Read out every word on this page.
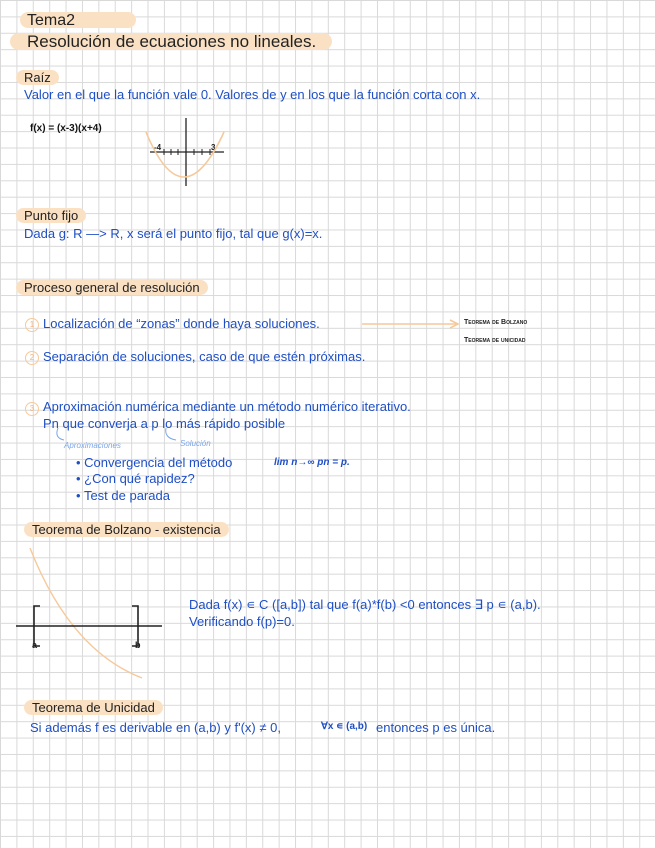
Tema2
Resolución de ecuaciones no lineales.
Raíz
Valor en el que la función vale 0. Valores de y en los que la función corta con x.
f(x) = (x-3)(x+4)
-4	3
Punto fijo
Dada g: R —> R, x será el punto fijo, tal que g(x)=x.
Proceso general de resolución
1 Localización de “zonas” donde haya soluciones.	Teorema de Bolzano
Teorema de unicidad
2 Separación de soluciones, caso de que estén próximas.
3 Aproximación numérica mediante un método numérico iterativo.
Pn que converja a p lo más rápido posible
Aproximaciones	Solución
• Convergencia del método
• ¿Con qué rapidez?
• Test de parada
lim n→∞ pn = p.
Teorema de Bolzano - existencia
Dada f(x) ∊ C ([a,b]) tal que f(a)*f(b) <0 entonces ∃ p ∊ (a,b).
Verificando f(p)=0.
a	b
Teorema de Unicidad
Si además f es derivable en (a,b) y f'(x) ≠ 0,	∀x ∊ (a,b) entonces p es única.
